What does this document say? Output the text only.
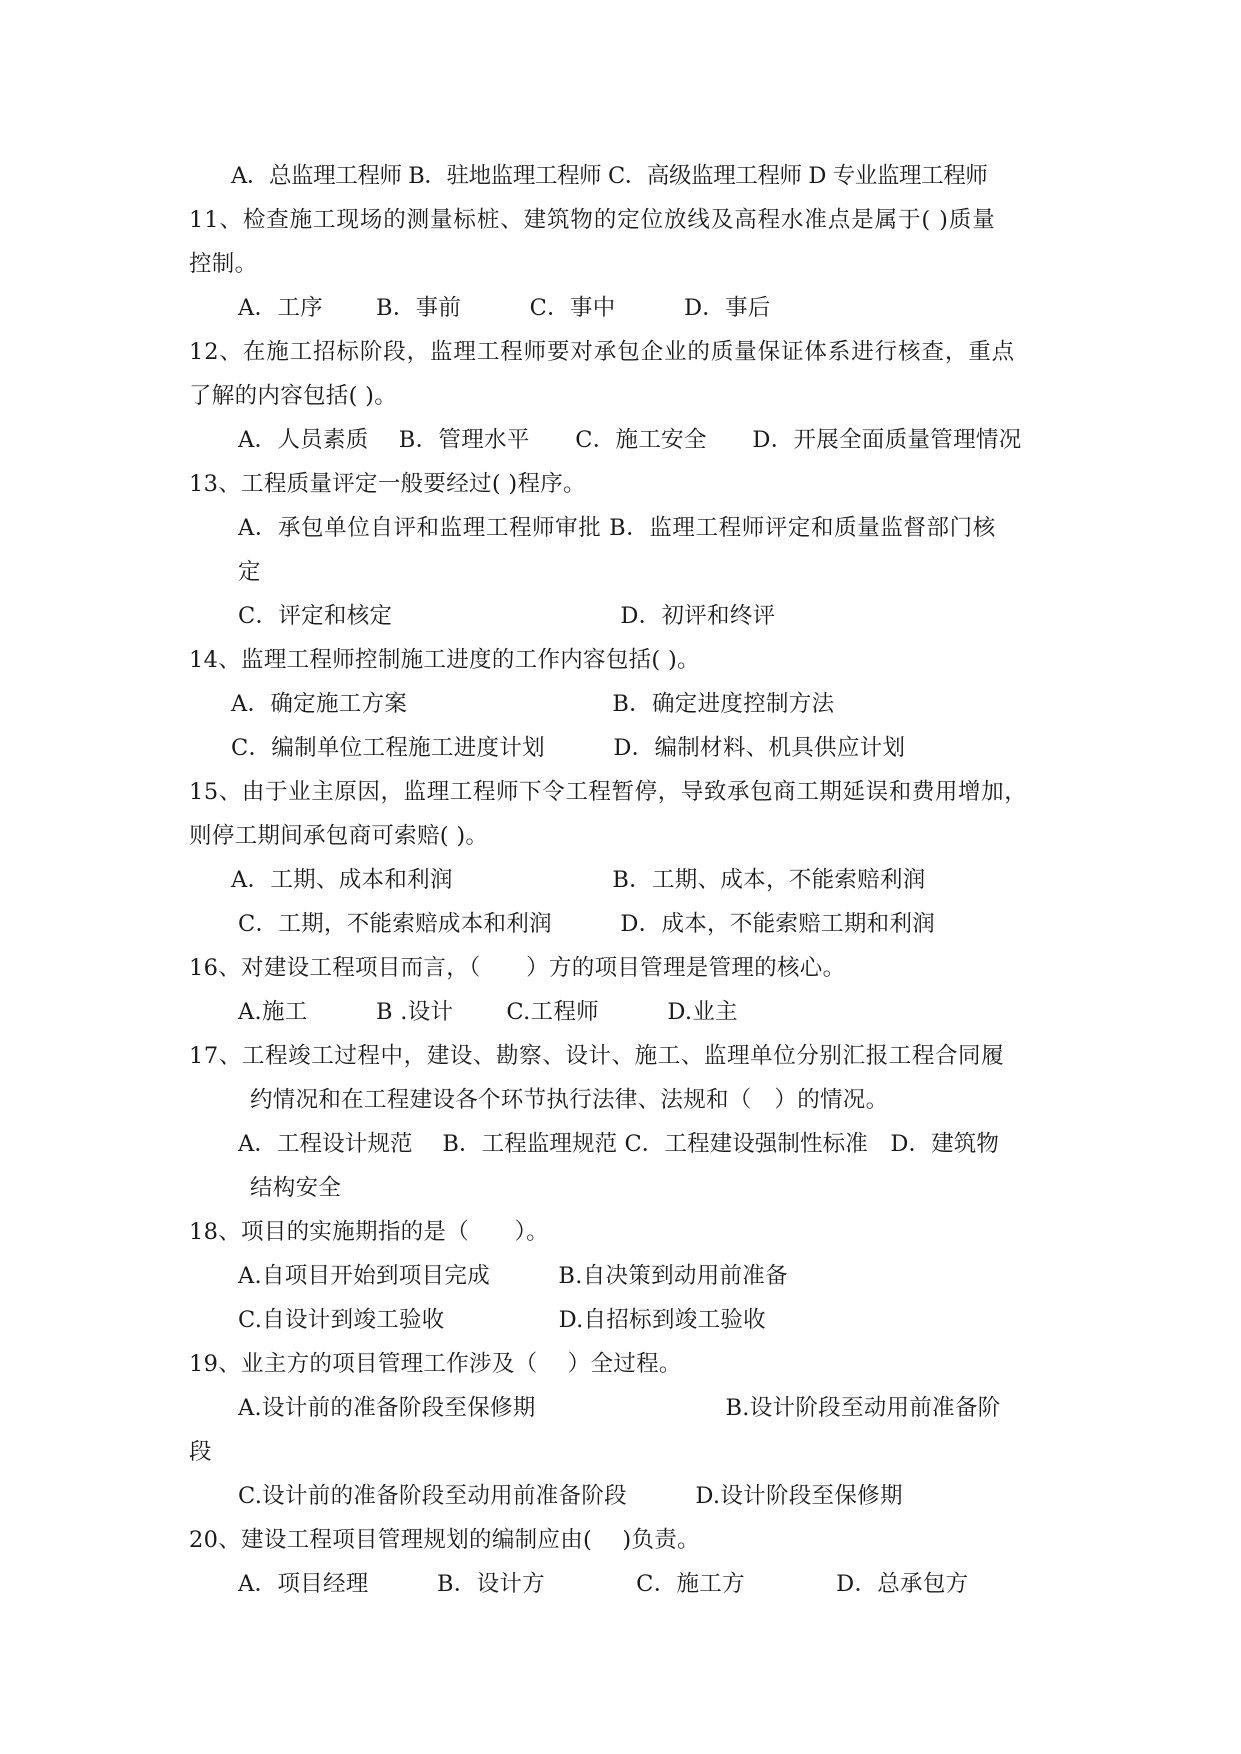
A．总监理工程师 B．驻地监理工程师 C．高级监理工程师 D 专业监理工程师
11、检查施工现场的测量标桩、建筑物的定位放线及高程水准点是属于( )质量
控制。
A．工序　　 B．事前　　　C．事中　　　D．事后
12、在施工招标阶段，监理工程师要对承包企业的质量保证体系进行核查，重点
了解的内容包括( )。
A．人员素质　 B．管理水平　　C．施工安全　　D．开展全面质量管理情况
13、工程质量评定一般要经过( )程序。
A．承包单位自评和监理工程师审批 B．监理工程师评定和质量监督部门核
定
C．评定和核定　　　　　　　　　　D．初评和终评
14、监理工程师控制施工进度的工作内容包括( )。
A．确定施工方案　　　　　　　　　B．确定进度控制方法
C．编制单位工程施工进度计划　　　D．编制材料、机具供应计划
15、由于业主原因，监理工程师下令工程暂停，导致承包商工期延误和费用增加，
则停工期间承包商可索赔( )。
A．工期、成本和利润　　　　　　　B．工期、成本，不能索赔利润
C．工期，不能索赔成本和利润　　　D．成本，不能索赔工期和利润
16、对建设工程项目而言，（　　）方的项目管理是管理的核心。
A.施工　　　B .设计　　 C.工程师　　　D.业主
17、工程竣工过程中，建设、勘察、设计、施工、监理单位分别汇报工程合同履
约情况和在工程建设各个环节执行法律、法规和（　）的情况。
A．工程设计规范　 B．工程监理规范 C．工程建设强制性标准　D．建筑物
结构安全
18、项目的实施期指的是（　　）。
A.自项目开始到项目完成　　　B.自决策到动用前准备
C.自设计到竣工验收　　　　　D.自招标到竣工验收
19、业主方的项目管理工作涉及（　 ）全过程。
A.设计前的准备阶段至保修期　　　　　　　　 B.设计阶段至动用前准备阶
段
C.设计前的准备阶段至动用前准备阶段　　　D.设计阶段至保修期
20、建设工程项目管理规划的编制应由(　 )负责。
A．项目经理　　　B．设计方　　　　C．施工方　　　　D．总承包方
